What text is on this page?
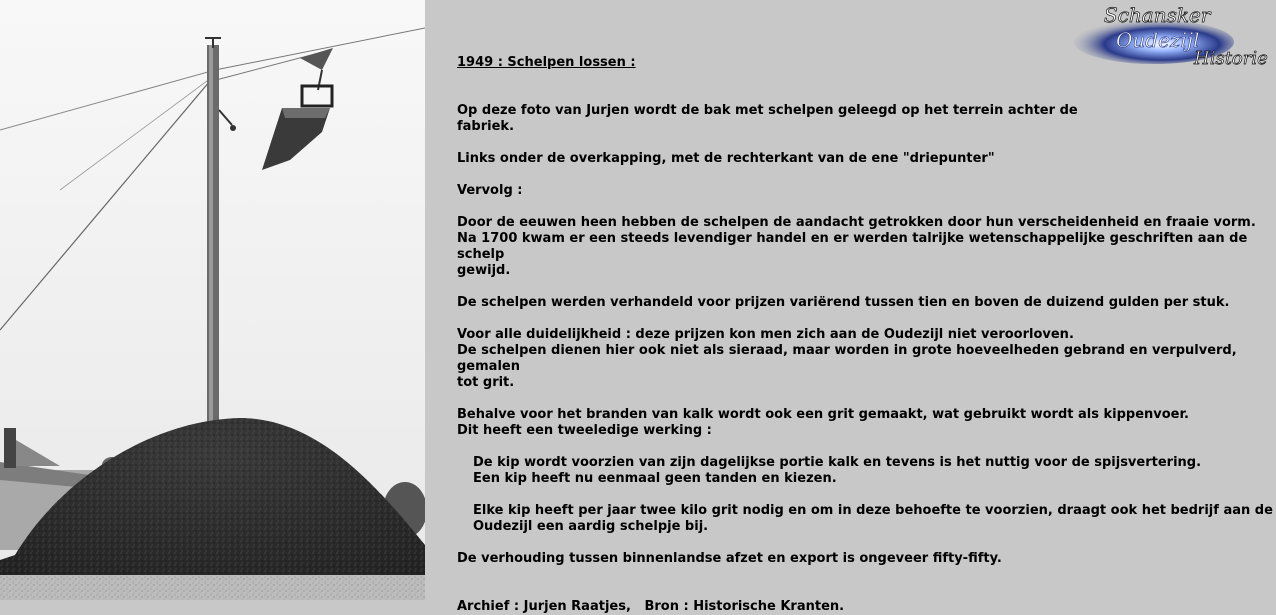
Schansker
Oudezijl
Historie

1949 : Schelpen lossen :

Op deze foto van Jurjen wordt de bak met schelpen geleegd op het terrein achter de
fabriek.

Links onder de overkapping, met de rechterkant van de ene "driepunter"

Vervolg :

Door de eeuwen heen hebben de schelpen de aandacht getrokken door hun verscheidenheid en fraaie vorm.
Na 1700 kwam er een steeds levendiger handel en er werden talrijke wetenschappelijke geschriften aan de schelp
gewijd.

De schelpen werden verhandeld voor prijzen variërend tussen tien en boven de duizend gulden per stuk.

Voor alle duidelijkheid : deze prijzen kon men zich aan de Oudezijl niet veroorloven.
De schelpen dienen hier ook niet als sieraad, maar worden in grote hoeveelheden gebrand en verpulverd, gemalen
tot grit.

Behalve voor het branden van kalk wordt ook een grit gemaakt, wat gebruikt wordt als kippenvoer.
Dit heeft een tweeledige werking :

De kip wordt voorzien van zijn dagelijkse portie kalk en tevens is het nuttig voor de spijsvertering.
Een kip heeft nu eenmaal geen tanden en kiezen.

Elke kip heeft per jaar twee kilo grit nodig en om in deze behoefte te voorzien, draagt ook het bedrijf aan de
Oudezijl een aardig schelpje bij.

De verhouding tussen binnenlandse afzet en export is ongeveer fifty-fifty.

Archief : Jurjen Raatjes,   Bron : Historische Kranten.
